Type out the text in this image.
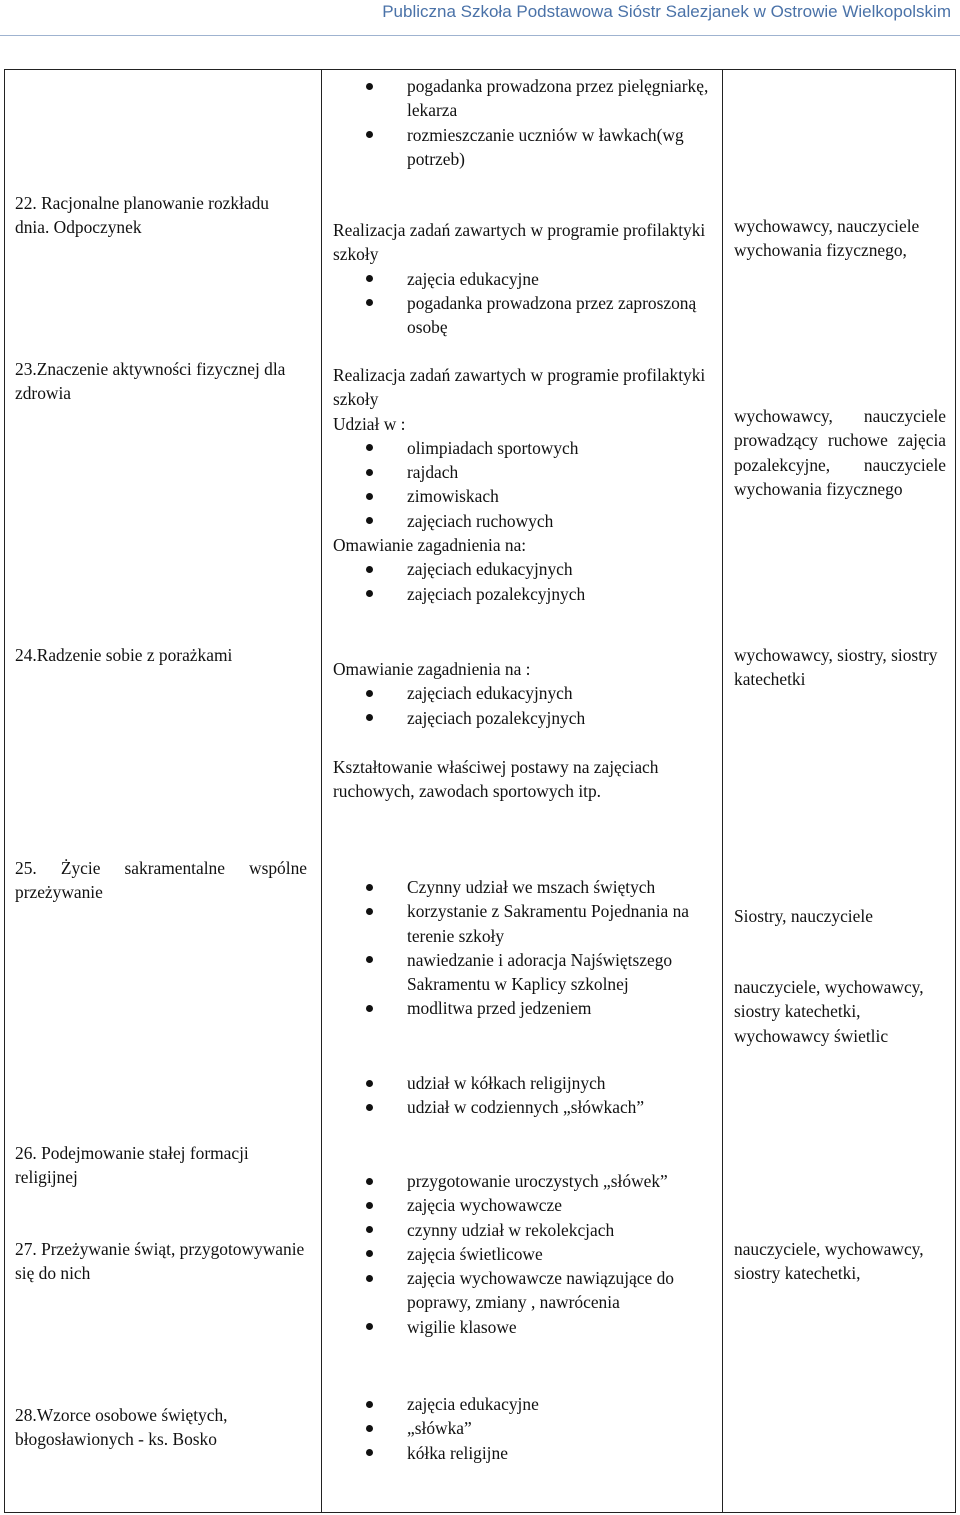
Publiczna Szkoła Podstawowa Sióstr Salezjanek w Ostrowie Wielkopolskim
pogadanka prowadzona przez pielęgniarkę, lekarza
rozmieszczanie uczniów w ławkach(wg potrzeb)
22. Racjonalne planowanie rozkładu dnia. Odpoczynek	Realizacja zadań zawartych w programie profilaktyki szkoły

zajęcia edukacyjne
pogadanka prowadzona przez zaproszoną osobę
wychowawcy, nauczyciele wychowania fizycznego,
23.Znaczenie aktywności fizycznej dla zdrowia

Realizacja zadań zawartych w programie profilaktyki szkoły

Udział w :

olimpiadach sportowych
rajdach
zimowiskach
zajęciach ruchowych

Omawianie zagadnienia na:

zajęciach edukacyjnych
zajęciach pozalekcyjnych
wychowawcy, nauczyciele prowadzący ruchowe zajęcia pozalekcyjne, nauczyciele wychowania fizycznego
24.Radzenie sobie z porażkami

Omawianie zagadnienia na :

zajęciach edukacyjnych
zajęciach pozalekcyjnych
Kształtowanie właściwej postawy na zajęciach ruchowych, zawodach sportowych itp.
wychowawcy, siostry, siostry katechetki
25. Życie sakramentalne wspólne przeżywanie	Czynny udział we mszach świętych
korzystanie z Sakramentu Pojednania na terenie szkoły
nawiedzanie i adoracja Najświętszego Sakramentu w Kaplicy szkolnej
modlitwa przed jedzeniem
udział w kółkach religijnych
udział w codziennych „słówkach”
Siostry, nauczyciele
nauczyciele, wychowawcy, siostry katechetki, wychowawcy świetlic
26. Podejmowanie stałej formacji religijnej
27. Przeżywanie świąt, przygotowywanie się do nich
przygotowanie uroczystych „słówek”
zajęcia wychowawcze
czynny udział w rekolekcjach
zajęcia świetlicowe
zajęcia wychowawcze nawiązujące do poprawy, zmiany , nawrócenia
wigilie klasowe
nauczyciele, wychowawcy, siostry katechetki,
28.Wzorce osobowe świętych, błogosławionych - ks. Bosko
zajęcia edukacyjne
„słówka”
kółka religijne
